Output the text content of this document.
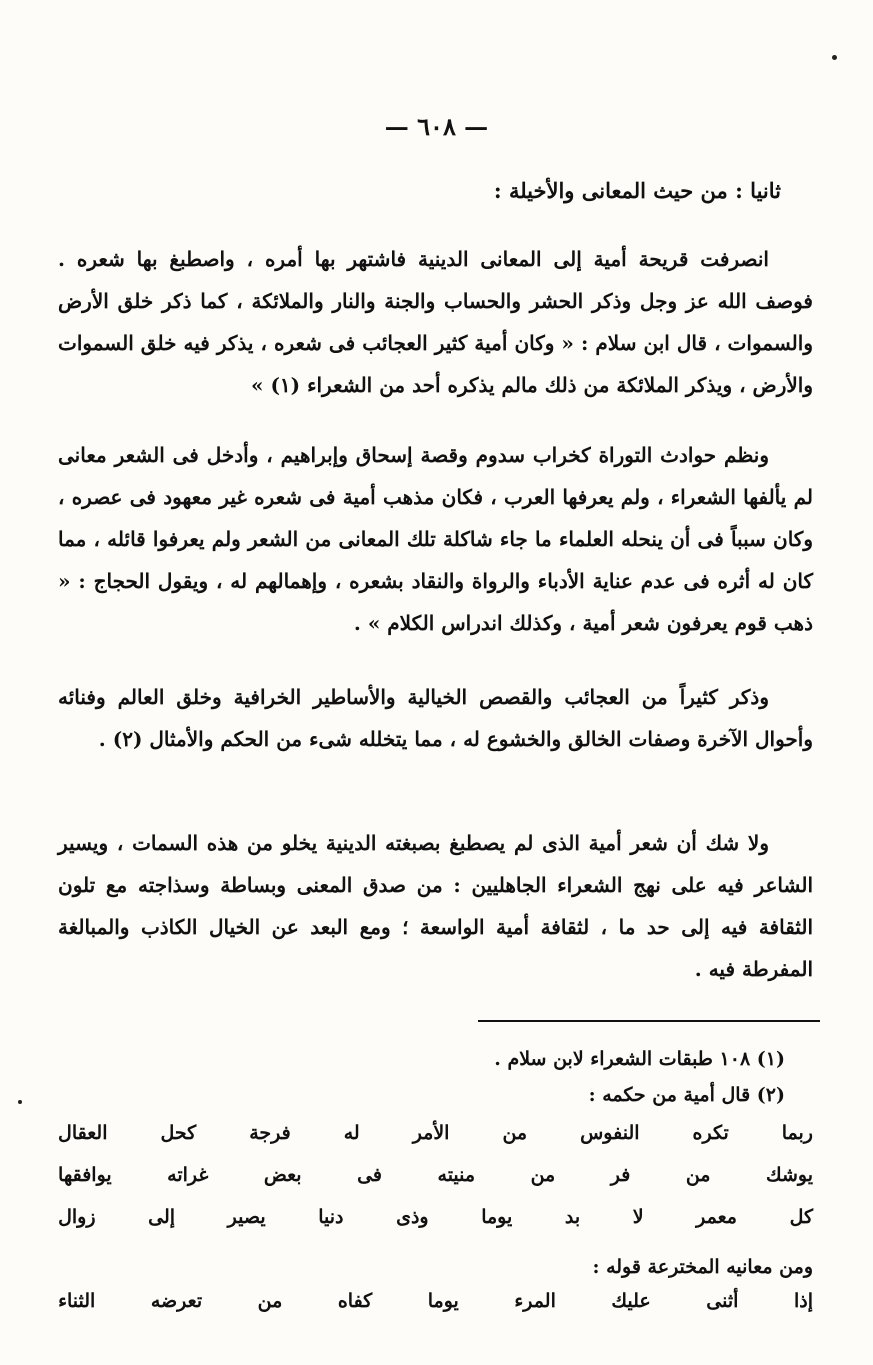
— ٦٠٨ —
ثانيا : من حيث المعانى والأخيلة :
انصرفت قريحة أمية إلى المعانى الدينية فاشتهر بها أمره ، واصطبغ بها شعره . فوصف الله عز وجل وذكر الحشر والحساب والجنة والنار والملائكة ، كما ذكر خلق الأرض والسموات ، قال ابن سلام : « وكان أمية كثير العجائب فى شعره ، يذكر فيه خلق السموات والأرض ، ويذكر الملائكة من ذلك مالم يذكره أحد من الشعراء (١) »
ونظم حوادث التوراة كخراب سدوم وقصة إسحاق وإبراهيم ، وأدخل فى الشعر معانى لم يألفها الشعراء ، ولم يعرفها العرب ، فكان مذهب أمية فى شعره غير معهود فى عصره ، وكان سبباً فى أن ينحله العلماء ما جاء شاكلة تلك المعانى من الشعر ولم يعرفوا قائله ، مما كان له أثره فى عدم عناية الأدباء والرواة والنقاد بشعره ، وإهمالهم له ، ويقول الحجاج : « ذهب قوم يعرفون شعر أمية ، وكذلك اندراس الكلام » .
وذكر كثيراً من العجائب والقصص الخيالية والأساطير الخرافية وخلق العالم وفنائه وأحوال الآخرة وصفات الخالق والخشوع له ، مما يتخلله شىء من الحكم والأمثال (٢) .
ولا شك أن شعر أمية الذى لم يصطبغ بصبغته الدينية يخلو من هذه السمات ، ويسير الشاعر فيه على نهج الشعراء الجاهليين : من صدق المعنى وبساطة وسذاجته مع تلون الثقافة فيه إلى حد ما ، لثقافة أمية الواسعة ؛ ومع البعد عن الخيال الكاذب والمبالغة المفرطة فيه .
(١) ١٠٨ طبقات الشعراء لابن سلام .
(٢) قال أمية من حكمه :
ربما
تكره
النفوس
من
الأمر
له
فرجة
كحل
العقال
يوشك
من
فر
من
منيته
فى
بعض
غراته
يوافقها
كل
معمر
لا
بد
يوما
وذى
دنيا
يصير
إلى
زوال
ومن معانيه المخترعة قوله :
إذا
أثنى
عليك
المرء
يوما
كفاه
من
تعرضه
الثناء
